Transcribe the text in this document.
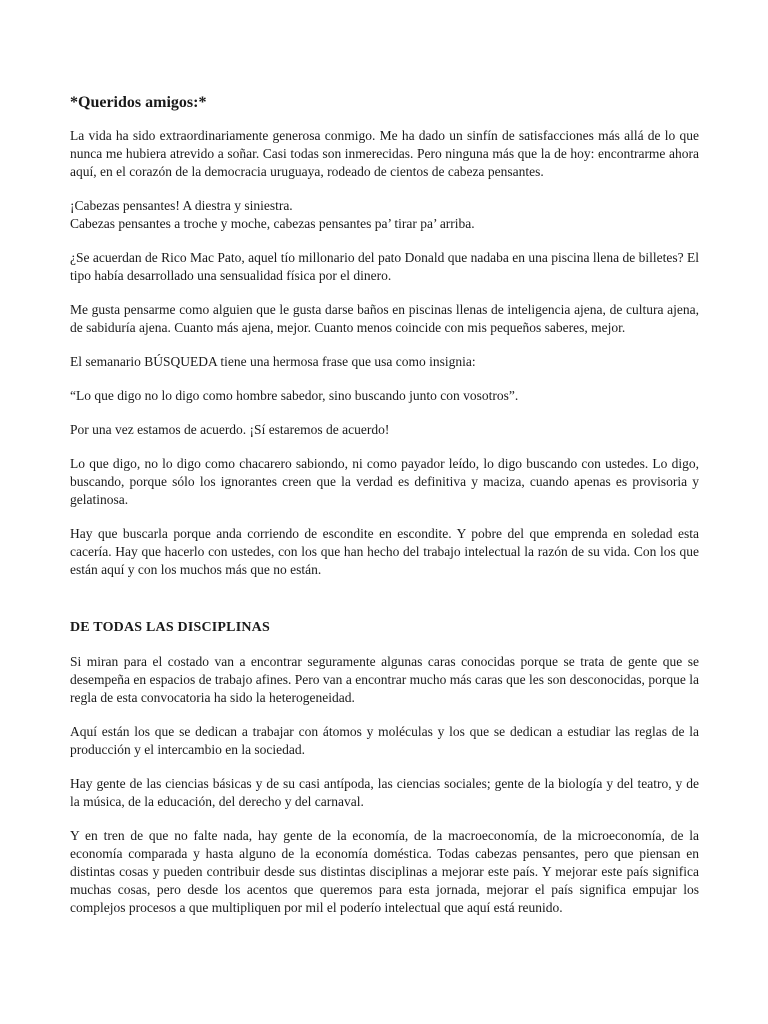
*Queridos amigos:*

La vida ha sido extraordinariamente generosa conmigo. Me ha dado un sinfín de satisfacciones más allá de lo que nunca me hubiera atrevido a soñar. Casi todas son inmerecidas. Pero ninguna más que la de hoy: encontrarme ahora aquí, en el corazón de la democracia uruguaya, rodeado de cientos de cabeza pensantes.

¡Cabezas pensantes! A diestra y siniestra.

Cabezas pensantes a troche y moche, cabezas pensantes pa’ tirar pa’ arriba.

¿Se acuerdan de Rico Mac Pato, aquel tío millonario del pato Donald que nadaba en una piscina llena de billetes? El tipo había desarrollado una sensualidad física por el dinero.

Me gusta pensarme como alguien que le gusta darse baños en piscinas llenas de inteligencia ajena, de cultura ajena, de sabiduría ajena. Cuanto más ajena, mejor. Cuanto menos coincide con mis pequeños saberes, mejor.

El semanario BÚSQUEDA tiene una hermosa frase que usa como insignia:

“Lo que digo no lo digo como hombre sabedor, sino buscando junto con vosotros”.

Por una vez estamos de acuerdo. ¡Sí estaremos de acuerdo!

Lo que digo, no lo digo como chacarero sabiondo, ni como payador leído, lo digo buscando con ustedes. Lo digo, buscando, porque sólo los ignorantes creen que la verdad es definitiva y maciza, cuando apenas es provisoria y gelatinosa.

Hay que buscarla porque anda corriendo de escondite en escondite. Y pobre del que emprenda en soledad esta cacería. Hay que hacerlo con ustedes, con los que han hecho del trabajo intelectual la razón de su vida. Con los que están aquí y con los muchos más que no están.

DE TODAS LAS DISCIPLINAS

Si miran para el costado van a encontrar seguramente algunas caras conocidas porque se trata de gente que se desempeña en espacios de trabajo afines. Pero van a encontrar mucho más caras que les son desconocidas, porque la regla de esta convocatoria ha sido la heterogeneidad.

Aquí están los que se dedican a trabajar con átomos y moléculas y los que se dedican a estudiar las reglas de la producción y el intercambio en la sociedad.

Hay gente de las ciencias básicas y de su casi antípoda, las ciencias sociales; gente de la biología y del teatro, y de la música, de la educación, del derecho y del carnaval.

Y en tren de que no falte nada, hay gente de la economía, de la macroeconomía, de la microeconomía, de la economía comparada y hasta alguno de la economía doméstica. Todas cabezas pensantes, pero que piensan en distintas cosas y pueden contribuir desde sus distintas disciplinas a mejorar este país. Y mejorar este país significa muchas cosas, pero desde los acentos que queremos para esta jornada, mejorar el país significa empujar los complejos procesos a que multipliquen por mil el poderío intelectual que aquí está reunido.
